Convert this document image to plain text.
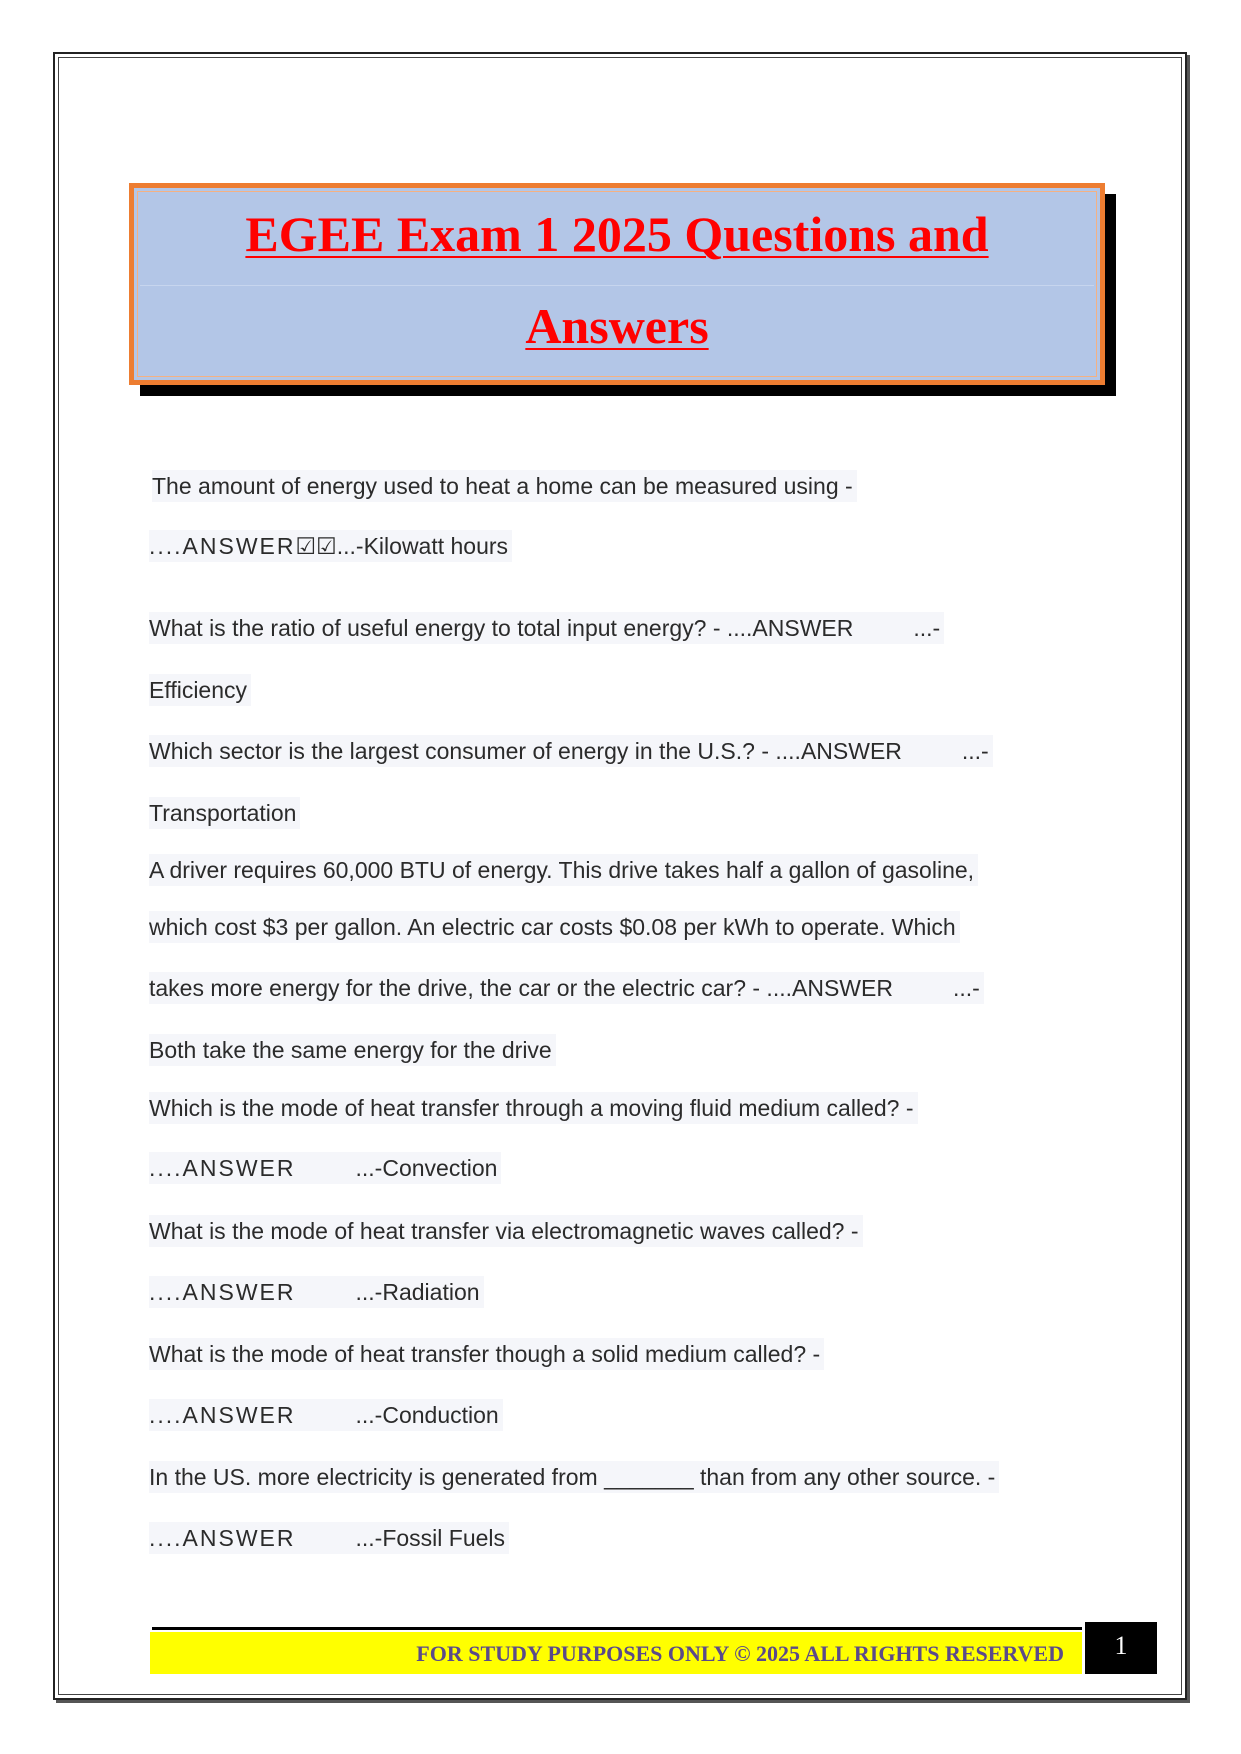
EGEE Exam 1 2025 Questions and
Answers
The amount of energy used to heat a home can be measured using -
....ANSWER☑☑...-Kilowatt hours
What is the ratio of useful energy to total input energy? - ....ANSWER	...-
Efficiency
Which sector is the largest consumer of energy in the U.S.? - ....ANSWER	...-
Transportation
A driver requires 60,000 BTU of energy. This drive takes half a gallon of gasoline,
which cost $3 per gallon. An electric car costs $0.08 per kWh to operate. Which
takes more energy for the drive, the car or the electric car? - ....ANSWER	...-
Both take the same energy for the drive
Which is the mode of heat transfer through a moving fluid medium called? -
....ANSWER	...-Convection
What is the mode of heat transfer via electromagnetic waves called? -
....ANSWER	...-Radiation
What is the mode of heat transfer though a solid medium called? -
....ANSWER	...-Conduction
In the US. more electricity is generated from _______ than from any other source. -
....ANSWER	...-Fossil Fuels
FOR STUDY PURPOSES ONLY © 2025 ALL RIGHTS RESERVED	1
